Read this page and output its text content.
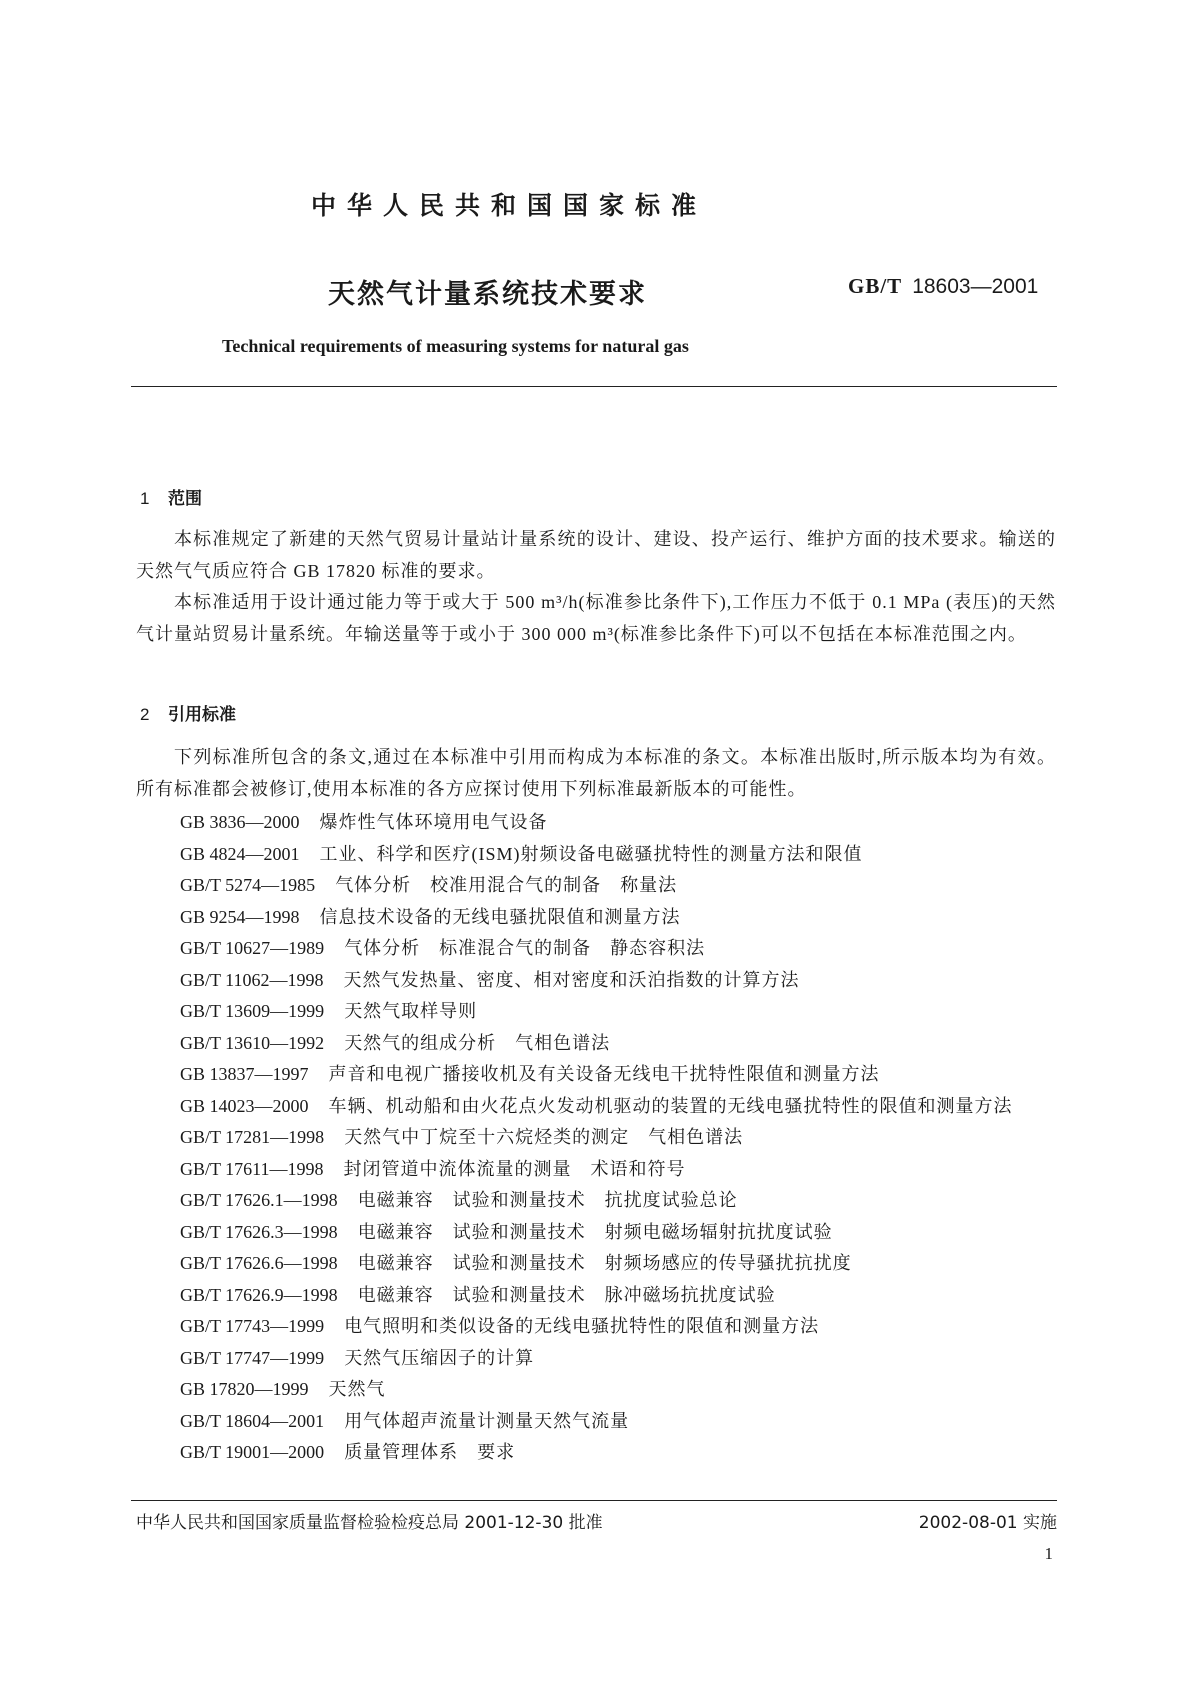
中华人民共和国国家标准
天然气计量系统技术要求	GB/T 18603—2001
Technical requirements of measuring systems for natural gas
1 范围

本标准规定了新建的天然气贸易计量站计量系统的设计、建设、投产运行、维护方面的技术要求。输送的天然气气质应符合 GB 17820 标准的要求。

本标准适用于设计通过能力等于或大于 500 m³/h(标准参比条件下),工作压力不低于 0.1 MPa (表压)的天然气计量站贸易计量系统。年输送量等于或小于 300 000 m³(标准参比条件下)可以不包括在本标准范围之内。

2 引用标准

下列标准所包含的条文,通过在本标准中引用而构成为本标准的条文。本标准出版时,所示版本均为有效。所有标准都会被修订,使用本标准的各方应探讨使用下列标准最新版本的可能性。

GB 3836—2000	爆炸性气体环境用电气设备
GB 4824—2001	工业、科学和医疗(ISM)射频设备电磁骚扰特性的测量方法和限值
GB/T 5274—1985	气体分析　校准用混合气的制备　称量法
GB 9254—1998	信息技术设备的无线电骚扰限值和测量方法
GB/T 10627—1989	气体分析　标准混合气的制备　静态容积法
GB/T 11062—1998	天然气发热量、密度、相对密度和沃泊指数的计算方法
GB/T 13609—1999	天然气取样导则
GB/T 13610—1992	天然气的组成分析　气相色谱法
GB 13837—1997	声音和电视广播接收机及有关设备无线电干扰特性限值和测量方法
GB 14023—2000	车辆、机动船和由火花点火发动机驱动的装置的无线电骚扰特性的限值和测量方法
GB/T 17281—1998	天然气中丁烷至十六烷烃类的测定　气相色谱法
GB/T 17611—1998	封闭管道中流体流量的测量　术语和符号
GB/T 17626.1—1998	电磁兼容　试验和测量技术　抗扰度试验总论
GB/T 17626.3—1998	电磁兼容　试验和测量技术　射频电磁场辐射抗扰度试验
GB/T 17626.6—1998	电磁兼容　试验和测量技术　射频场感应的传导骚扰抗扰度
GB/T 17626.9—1998	电磁兼容　试验和测量技术　脉冲磁场抗扰度试验
GB/T 17743—1999	电气照明和类似设备的无线电骚扰特性的限值和测量方法
GB/T 17747—1999	天然气压缩因子的计算
GB 17820—1999	天然气
GB/T 18604—2001	用气体超声流量计测量天然气流量
GB/T 19001—2000	质量管理体系　要求
中华人民共和国国家质量监督检验检疫总局 2001-12-30 批准	2002-08-01 实施
1
